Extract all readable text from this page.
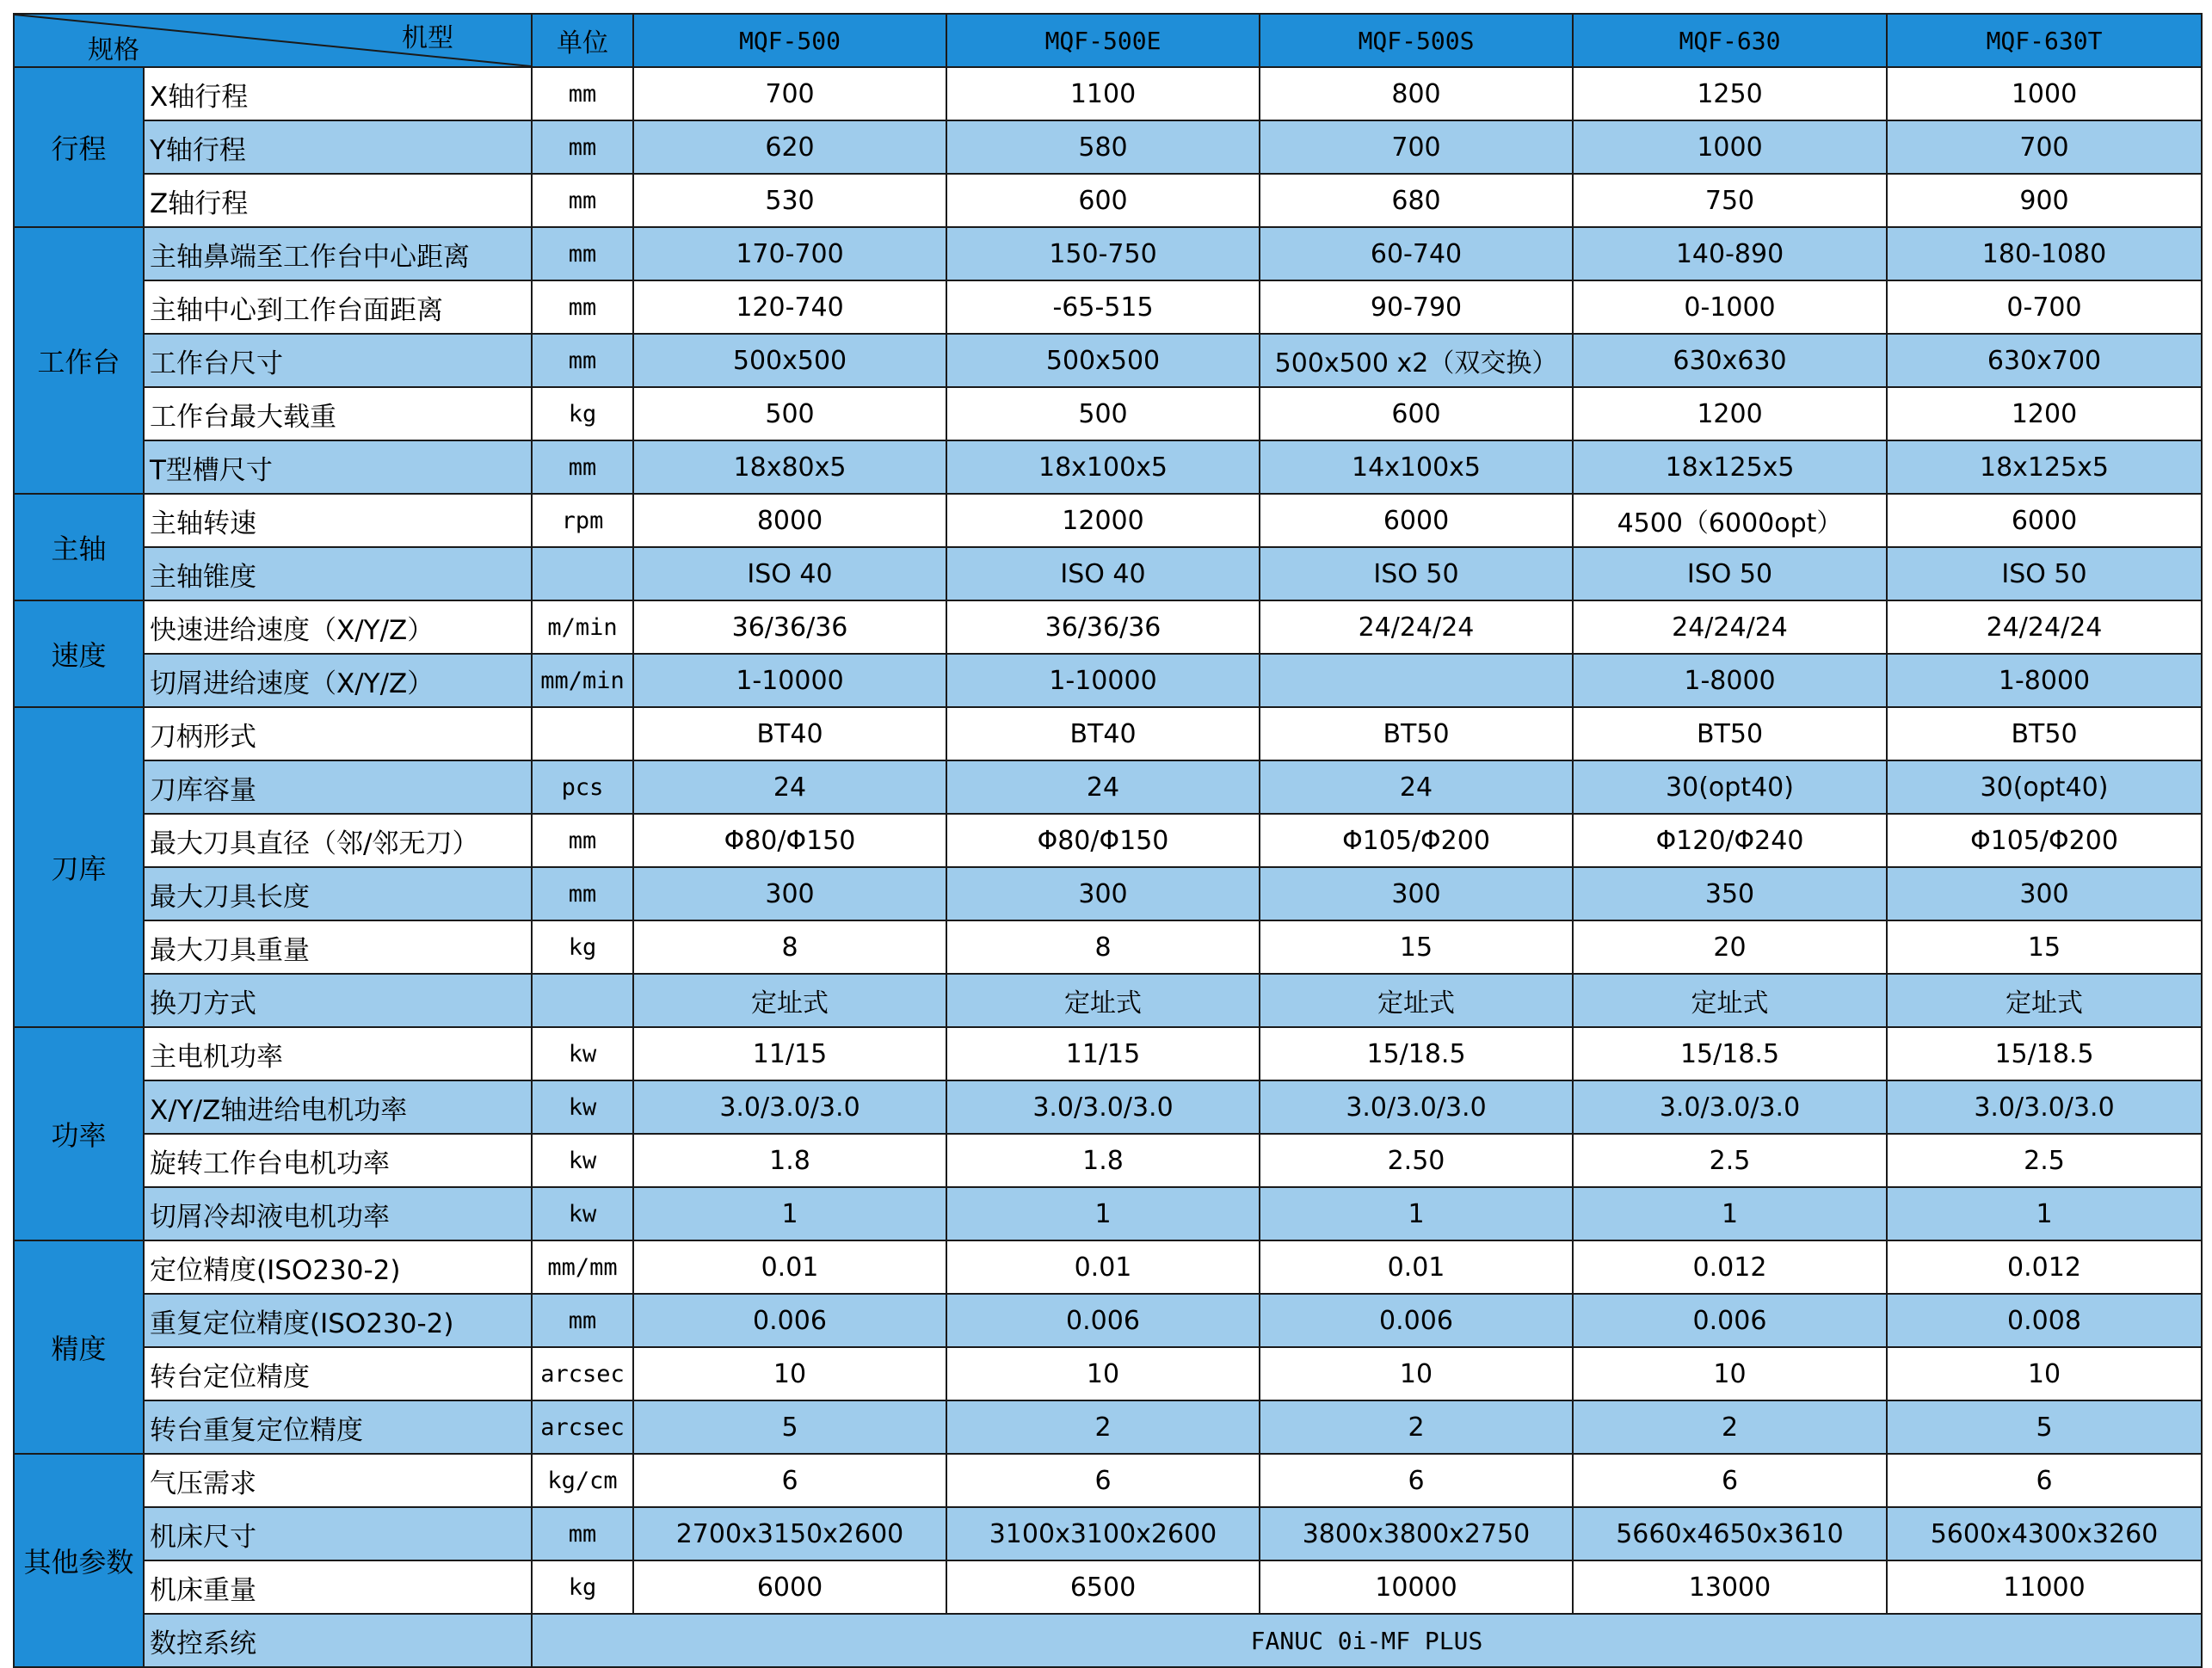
机型
规格		单位	MQF-500	MQF-500E	MQF-500S	MQF-630	MQF-630T
行程	X轴行程	mm	700	1100	800	1250	1000
	Y轴行程	mm	620	580	700	1000	700
	Z轴行程	mm	530	600	680	750	900
工作台	主轴鼻端至工作台中心距离	mm	170-700	150-750	60-740	140-890	180-1080
	主轴中心到工作台面距离	mm	120-740	-65-515	90-790	0-1000	0-700
	工作台尺寸	mm	500x500	500x500	500x500 x2（双交换）	630x630	630x700
	工作台最大载重	kg	500	500	600	1200	1200
	T型槽尺寸	mm	18x80x5	18x100x5	14x100x5	18x125x5	18x125x5
主轴	主轴转速	rpm	8000	12000	6000	4500（6000opt）	6000
	主轴锥度		ISO 40	ISO 40	ISO 50	ISO 50	ISO 50
速度	快速进给速度（X/Y/Z）	m/min	36/36/36	36/36/36	24/24/24	24/24/24	24/24/24
	切屑进给速度（X/Y/Z）	mm/min	1-10000	1-10000		1-8000	1-8000
刀库	刀柄形式		BT40	BT40	BT50	BT50	BT50
	刀库容量	pcs	24	24	24	30(opt40)	30(opt40)
	最大刀具直径（邻/邻无刀）	mm	Φ80/Φ150	Φ80/Φ150	Φ105/Φ200	Φ120/Φ240	Φ105/Φ200
	最大刀具长度	mm	300	300	300	350	300
	最大刀具重量	kg	8	8	15	20	15
	换刀方式		定址式	定址式	定址式	定址式	定址式
功率	主电机功率	kw	11/15	11/15	15/18.5	15/18.5	15/18.5
	X/Y/Z轴进给电机功率	kw	3.0/3.0/3.0	3.0/3.0/3.0	3.0/3.0/3.0	3.0/3.0/3.0	3.0/3.0/3.0
	旋转工作台电机功率	kw	1.8	1.8	2.50	2.5	2.5
	切屑冷却液电机功率	kw	1	1	1	1	1
精度	定位精度(ISO230-2)	mm/mm	0.01	0.01	0.01	0.012	0.012
	重复定位精度(ISO230-2)	mm	0.006	0.006	0.006	0.006	0.008
	转台定位精度	arcsec	10	10	10	10	10
	转台重复定位精度	arcsec	5	2	2	2	5
其他参数	气压需求	kg/cm	6	6	6	6	6
	机床尺寸	mm	2700x3150x2600	3100x3100x2600	3800x3800x2750	5660x4650x3610	5600x4300x3260
	机床重量	kg	6000	6500	10000	13000	11000
	数控系统	FANUC 0i-MF PLUS					
